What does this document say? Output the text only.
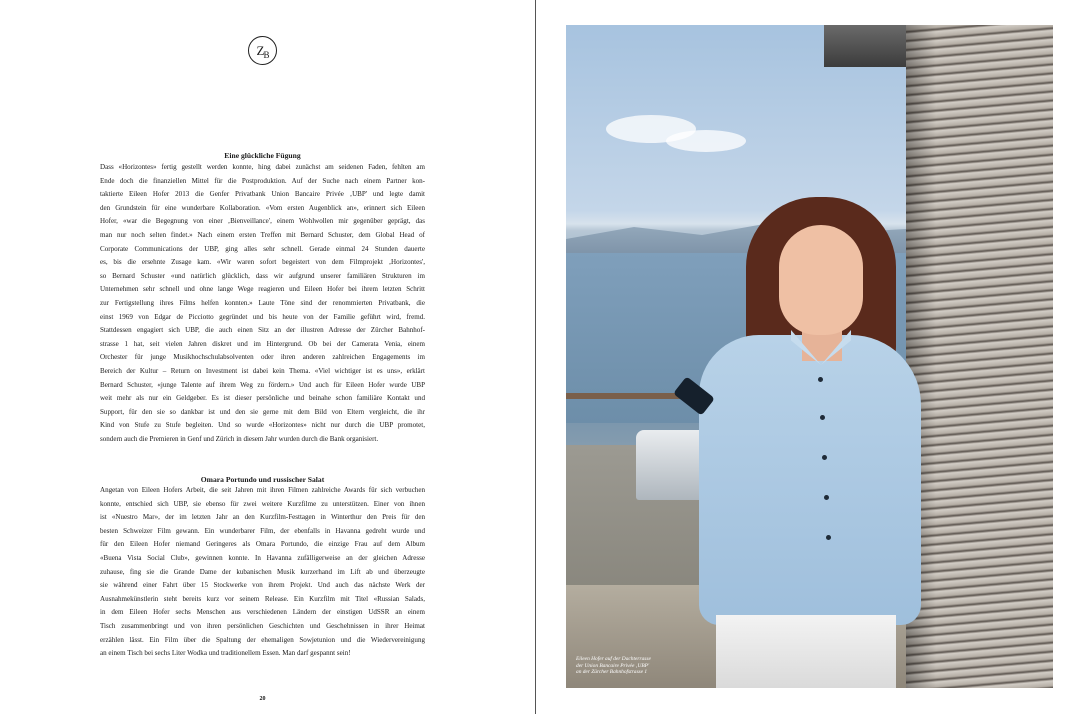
$Z_B$
Eine glückliche Fügung
Dass «Horizontes» fertig gestellt werden konnte, hing dabei zunächst am seidenen Faden, fehlten am
Ende doch die finanziellen Mittel für die Postproduktion. Auf der Suche nach einem Partner kon-
taktierte Eileen Hofer 2013 die Genfer Privatbank Union Bancaire Privée ‚UBP' und legte damit
den Grundstein für eine wunderbare Kollaboration. «Vom ersten Augenblick an», erinnert sich Eileen
Hofer, «war die Begegnung von einer ‚Bienveillance', einem Wohlwollen mir gegenüber geprägt, das
man nur noch selten findet.» Nach einem ersten Treffen mit Bernard Schuster, dem Global Head of
Corporate Communications der UBP, ging alles sehr schnell. Gerade einmal 24 Stunden dauerte
es, bis die ersehnte Zusage kam. «Wir waren sofort begeistert von dem Filmprojekt ‚Horizontes',
so Bernard Schuster «und natürlich glücklich, dass wir aufgrund unserer familiären Strukturen im
Unternehmen sehr schnell und ohne lange Wege reagieren und Eileen Hofer bei ihrem letzten Schritt
zur Fertigstellung ihres Films helfen konnten.» Laute Töne sind der renommierten Privatbank, die
einst 1969 von Edgar de Picciotto gegründet und bis heute von der Familie geführt wird, fremd.
Stattdessen engagiert sich UBP, die auch einen Sitz an der illustren Adresse der Zürcher Bahnhof-
strasse 1 hat, seit vielen Jahren diskret und im Hintergrund. Ob bei der Camerata Venia, einem
Orchester für junge Musikhochschulabsolventen oder ihren anderen zahlreichen Engagements im
Bereich der Kultur – Return on Investment ist dabei kein Thema. «Viel wichtiger ist es uns», erklärt
Bernard Schuster, «junge Talente auf ihrem Weg zu fördern.» Und auch für Eileen Hofer wurde UBP
weit mehr als nur ein Geldgeber. Es ist dieser persönliche und beinahe schon familiäre Kontakt und
Support, für den sie so dankbar ist und den sie gerne mit dem Bild von Eltern vergleicht, die ihr
Kind von Stufe zu Stufe begleiten. Und so wurde «Horizontes» nicht nur durch die UBP promotet,
sondern auch die Premieren in Genf und Zürich in diesem Jahr wurden durch die Bank organisiert.
Omara Portundo und russischer Salat
Angetan von Eileen Hofers Arbeit, die seit Jahren mit ihren Filmen zahlreiche Awards für sich verbuchen
konnte, entschied sich UBP, sie ebenso für zwei weitere Kurzfilme zu unterstützen. Einer von ihnen
ist «Nuestro Mar», der im letzten Jahr an den Kurzfilm-Festtagen in Winterthur den Preis für den
besten Schweizer Film gewann. Ein wunderbarer Film, der ebenfalls in Havanna gedreht wurde und
für den Eileen Hofer niemand Geringeres als Omara Portundo, die einzige Frau auf dem Album
«Buena Vista Social Club», gewinnen konnte. In Havanna zufälligerweise an der gleichen Adresse
zuhause, fing sie die Grande Dame der kubanischen Musik kurzerhand im Lift ab und überzeugte
sie während einer Fahrt über 15 Stockwerke von ihrem Projekt. Und auch das nächste Werk der
Ausnahmekünstlerin steht bereits kurz vor seinem Release. Ein Kurzfilm mit Titel «Russian Salads,
in dem Eileen Hofer sechs Menschen aus verschiedenen Ländern der einstigen UdSSR an einem
Tisch zusammenbringt und von ihren persönlichen Geschichten und Geschehnissen in ihrer Heimat
erzählen lässt. Ein Film über die Spaltung der ehemaligen Sowjetunion und die Wiedervereinigung
an einem Tisch bei sechs Liter Wodka und traditionellem Essen. Man darf gespannt sein!
20
Eileen Hofer auf der Dachterrasse
der Union Bancaire Privée ‚UBP'
an der Zürcher Bahnhofstrasse 1
